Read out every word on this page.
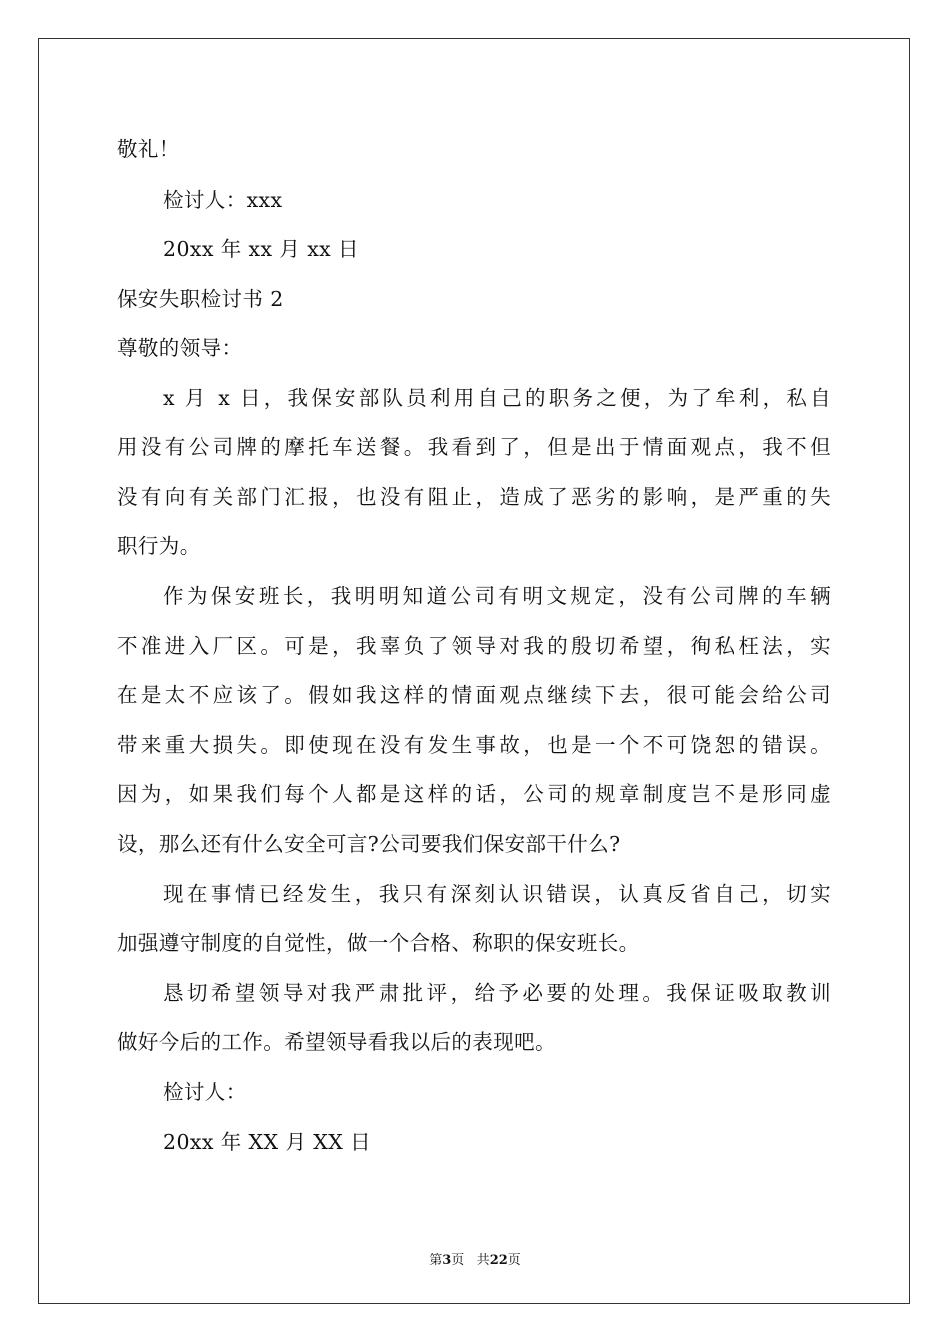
敬礼！
检讨人：xxx
20xx 年 xx 月 xx 日
保安失职检讨书 2
尊敬的领导：
x 月 x 日，我保安部队员利用自己的职务之便，为了牟利，私自
用没有公司牌的摩托车送餐。我看到了，但是出于情面观点，我不但
没有向有关部门汇报，也没有阻止，造成了恶劣的影响，是严重的失
职行为。
作为保安班长，我明明知道公司有明文规定，没有公司牌的车辆
不准进入厂区。可是，我辜负了领导对我的殷切希望，徇私枉法，实
在是太不应该了。假如我这样的情面观点继续下去，很可能会给公司
带来重大损失。即使现在没有发生事故，也是一个不可饶恕的错误。
因为，如果我们每个人都是这样的话，公司的规章制度岂不是形同虚
设，那么还有什么安全可言?公司要我们保安部干什么?
现在事情已经发生，我只有深刻认识错误，认真反省自己，切实
加强遵守制度的自觉性，做一个合格、称职的保安班长。
恳切希望领导对我严肃批评，给予必要的处理。我保证吸取教训
做好今后的工作。希望领导看我以后的表现吧。
检讨人：
20xx 年 XX 月 XX 日
第3页 共22页
